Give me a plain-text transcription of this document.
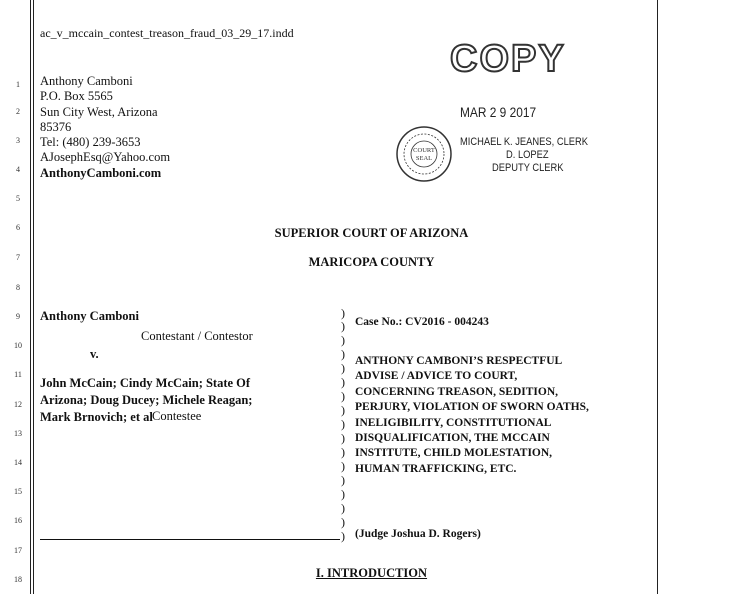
1
2
3
4
5
6
7
8
9
10
11
12
13
14
15
16
17
18
ac_v_mccain_contest_treason_fraud_03_29_17.indd
Anthony Camboni
P.O. Box 5565
Sun City West, Arizona
85376
Tel: (480) 239-3653
AJosephEsq@Yahoo.com
AnthonyCamboni.com
COPY
MAR 2 9 2017
COURT
SEAL
MICHAEL K. JEANES, CLERK
D. LOPEZ
DEPUTY CLERK
SUPERIOR COURT OF ARIZONA
MARICOPA COUNTY
Anthony Camboni
Contestant / Contestor
v.
John McCain; Cindy McCain; State Of
Arizona; Doug Ducey; Michele Reagan;
Mark Brnovich; et al Contestee
)
)
)
)
)
)
)
)
)
)
)
)
)
)
)
)
)
Case No.: CV2016 - 004243
ANTHONY CAMBONI’S RESPECTFUL
ADVISE / ADVICE TO COURT,
CONCERNING TREASON, SEDITION,
PERJURY, VIOLATION OF SWORN OATHS,
INELIGIBILITY, CONSTITUTIONAL
DISQUALIFICATION, THE MCCAIN
INSTITUTE, CHILD MOLESTATION,
HUMAN TRAFFICKING, ETC.
(Judge Joshua D. Rogers)
I. INTRODUCTION
